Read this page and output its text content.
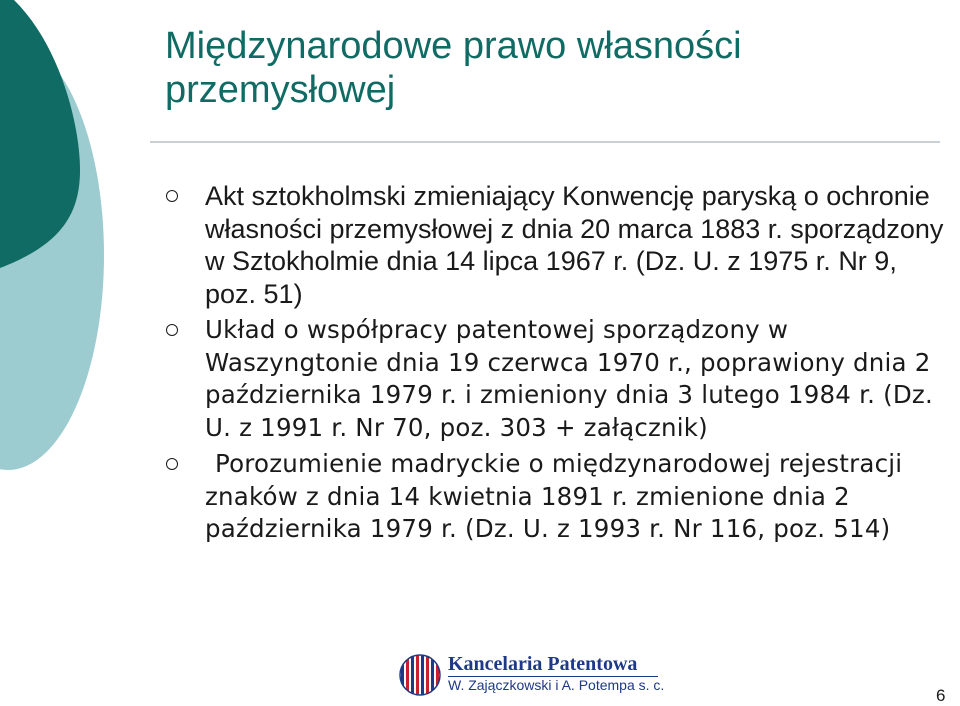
Międzynarodowe prawo własności przemysłowej
Akt sztokholmski zmieniający Konwencję paryską o ochronie własności przemysłowej z dnia 20 marca 1883 r. sporządzony w Sztokholmie dnia 14 lipca 1967 r. (Dz. U. z 1975 r. Nr 9, poz. 51)
Układ o współpracy patentowej sporządzony w Waszyngtonie dnia 19 czerwca 1970 r., poprawiony dnia 2 października 1979 r. i zmieniony dnia 3 lutego 1984 r. (Dz. U. z 1991 r. Nr 70, poz. 303 + załącznik)
Porozumienie madryckie o międzynarodowej rejestracji znaków z dnia 14 kwietnia 1891 r. zmienione dnia 2 października 1979 r. (Dz. U. z 1993 r. Nr 116, poz. 514)
Kancelaria Patentowa
W. Zajączkowski i A. Potempa s. c.
6
